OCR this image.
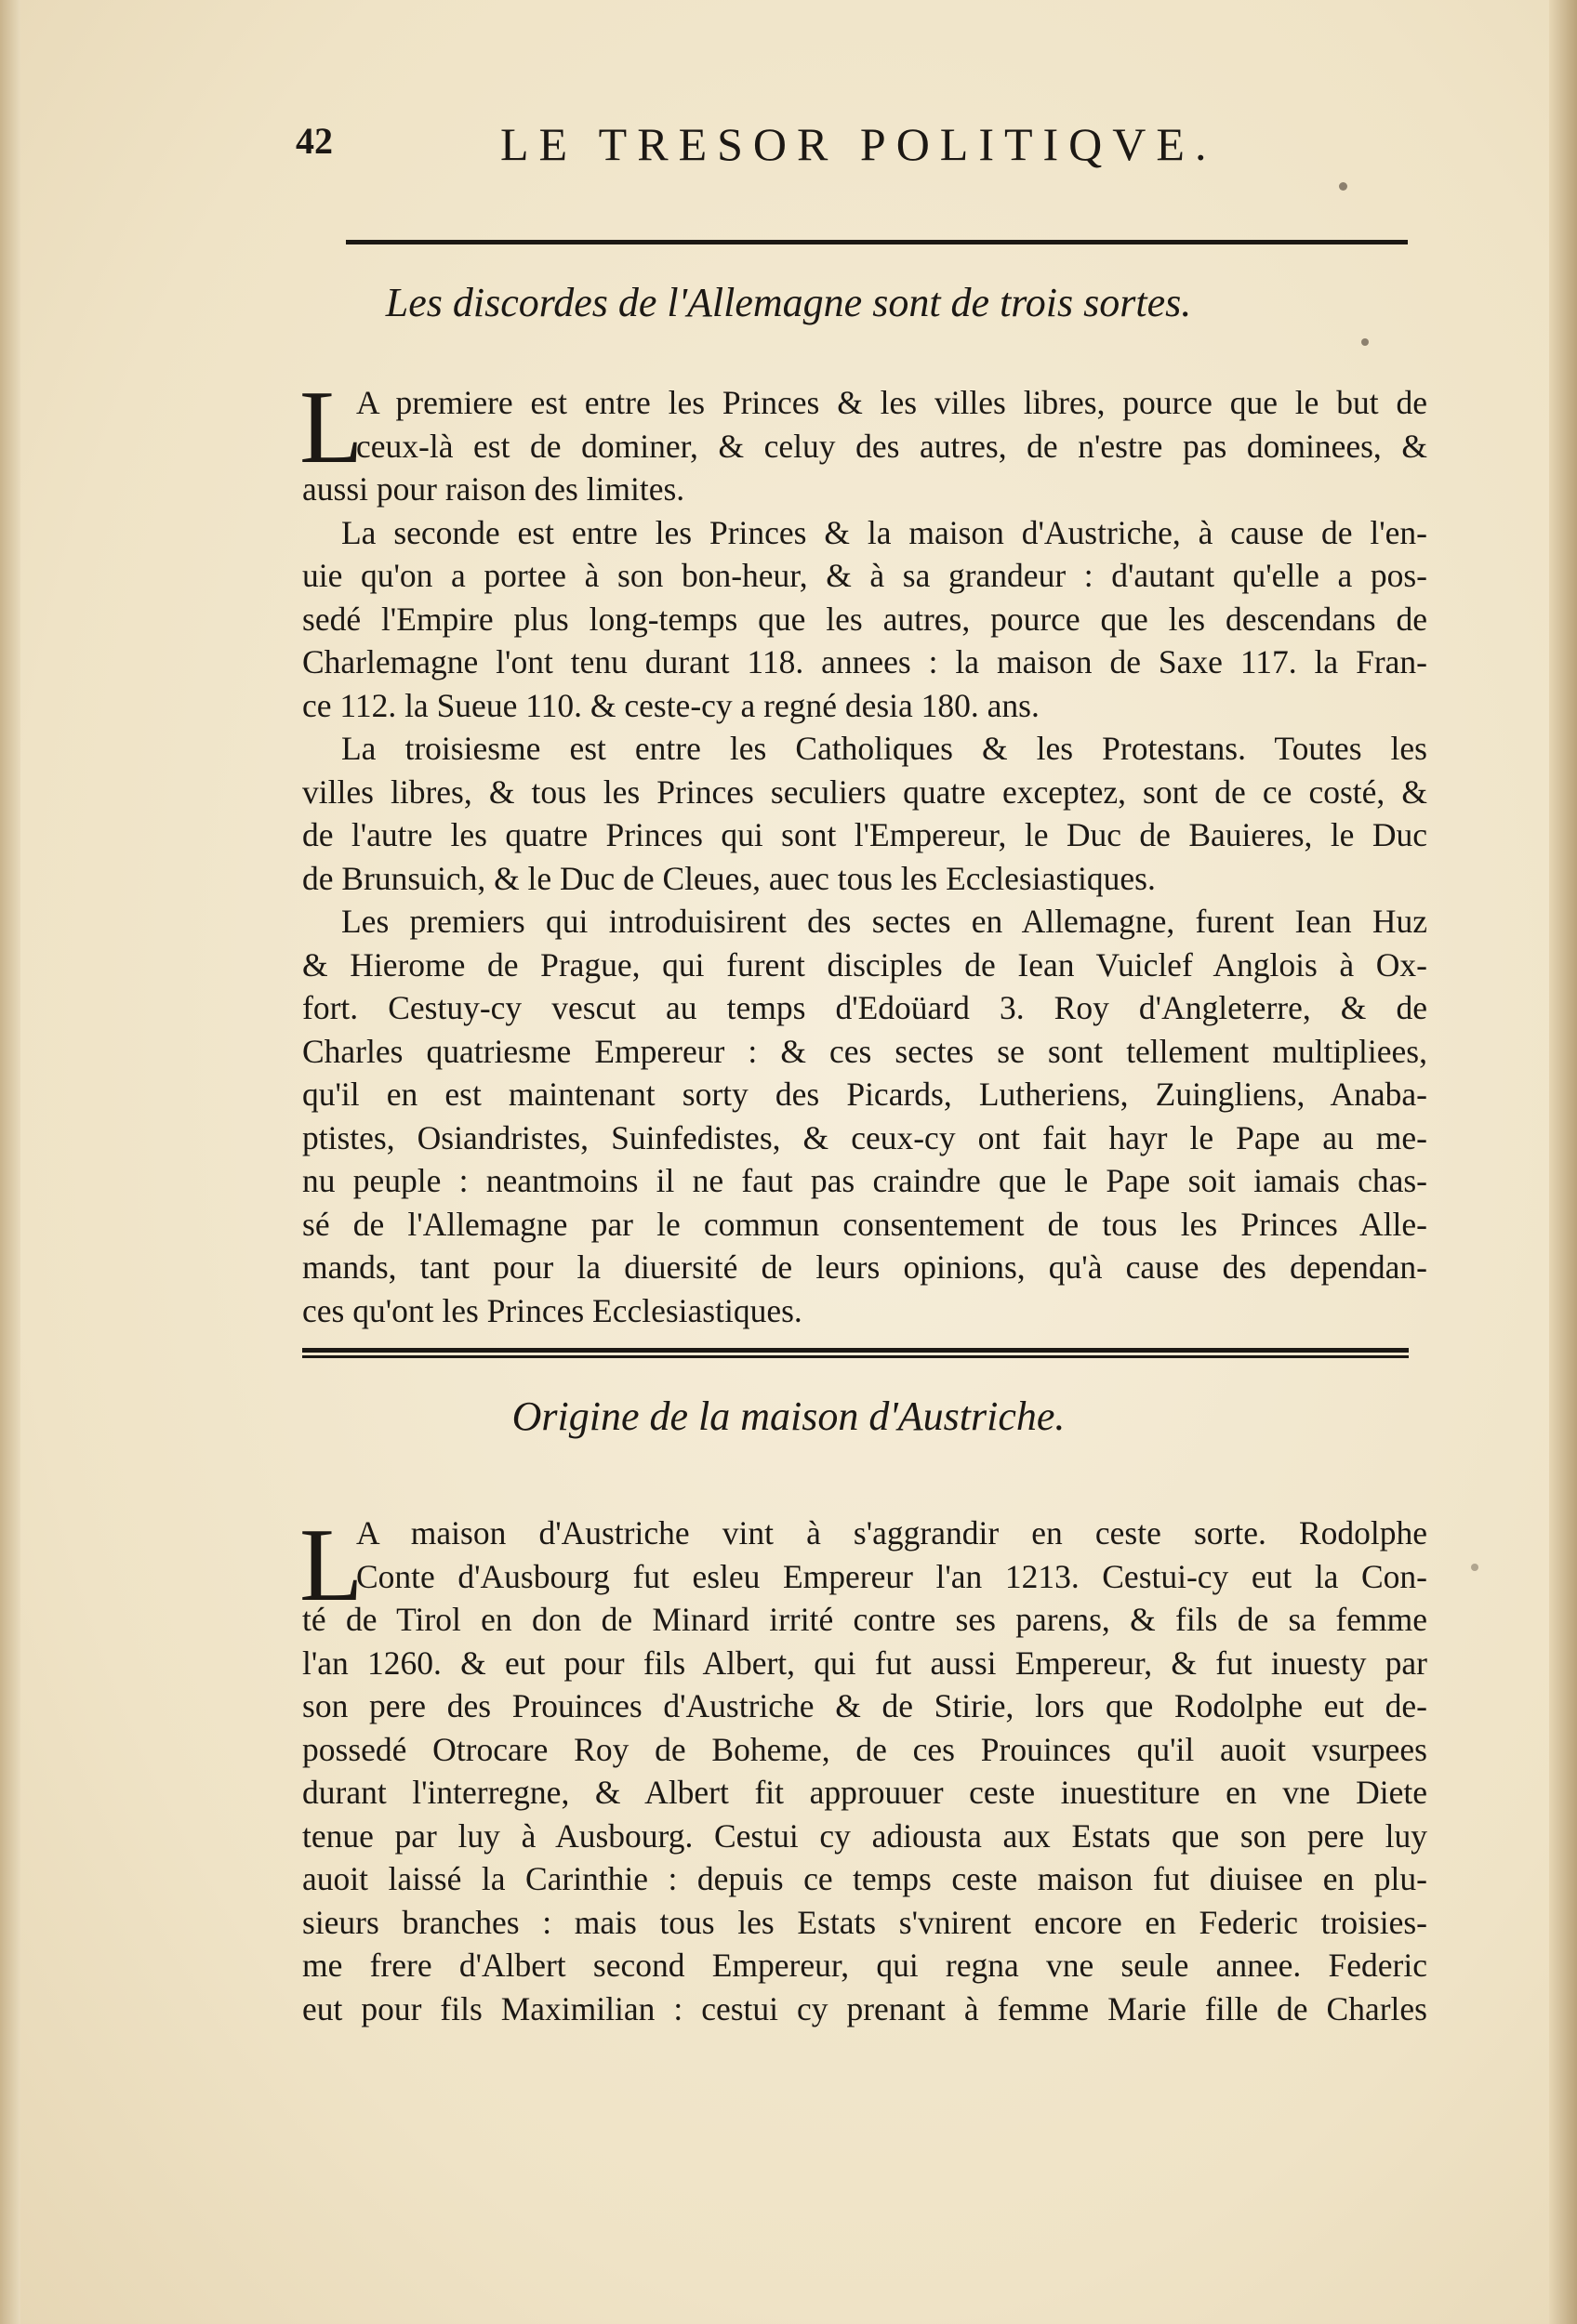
42	LE TRESOR POLITIQVE.
Les discordes de l'Allemagne sont de trois sortes.
L
A premiere est entre les Princes & les villes libres, pource que le but de
ceux-là est de dominer, & celuy des autres, de n'estre pas dominees, &
aussi pour raison des limites.
La seconde est entre les Princes & la maison d'Austriche, à cause de l'en-
uie qu'on a portee à son bon-heur, & à sa grandeur : d'autant qu'elle a pos-
sedé l'Empire plus long-temps que les autres, pource que les descendans de
Charlemagne l'ont tenu durant 118. annees : la maison de Saxe 117. la Fran-
ce 112. la Sueue 110. & ceste-cy a regné desia 180. ans.
La troisiesme est entre les Catholiques & les Protestans. Toutes les
villes libres, & tous les Princes seculiers quatre exceptez, sont de ce costé, &
de l'autre les quatre Princes qui sont l'Empereur, le Duc de Bauieres, le Duc
de Brunsuich, & le Duc de Cleues, auec tous les Ecclesiastiques.
Les premiers qui introduisirent des sectes en Allemagne, furent Iean Huz
& Hierome de Prague, qui furent disciples de Iean Vuiclef Anglois à Ox-
fort. Cestuy-cy vescut au temps d'Edoüard 3. Roy d'Angleterre, & de
Charles quatriesme Empereur : & ces sectes se sont tellement multipliees,
qu'il en est maintenant sorty des Picards, Lutheriens, Zuingliens, Anaba-
ptistes, Osiandristes, Suinfedistes, & ceux-cy ont fait hayr le Pape au me-
nu peuple : neantmoins il ne faut pas craindre que le Pape soit iamais chas-
sé de l'Allemagne par le commun consentement de tous les Princes Alle-
mands, tant pour la diuersité de leurs opinions, qu'à cause des dependan-
ces qu'ont les Princes Ecclesiastiques.
Origine de la maison d'Austriche.
L
A maison d'Austriche vint à s'aggrandir en ceste sorte. Rodolphe
Conte d'Ausbourg fut esleu Empereur l'an 1213. Cestui-cy eut la Con-
té de Tirol en don de Minard irrité contre ses parens, & fils de sa femme
l'an 1260. & eut pour fils Albert, qui fut aussi Empereur, & fut inuesty par
son pere des Prouinces d'Austriche & de Stirie, lors que Rodolphe eut de-
possedé Otrocare Roy de Boheme, de ces Prouinces qu'il auoit vsurpees
durant l'interregne, & Albert fit approuuer ceste inuestiture en vne Diete
tenue par luy à Ausbourg. Cestui cy adiousta aux Estats que son pere luy
auoit laissé la Carinthie : depuis ce temps ceste maison fut diuisee en plu-
sieurs branches : mais tous les Estats s'vnirent encore en Federic troisies-
me frere d'Albert second Empereur, qui regna vne seule annee. Federic
eut pour fils Maximilian : cestui cy prenant à femme Marie fille de Charles
